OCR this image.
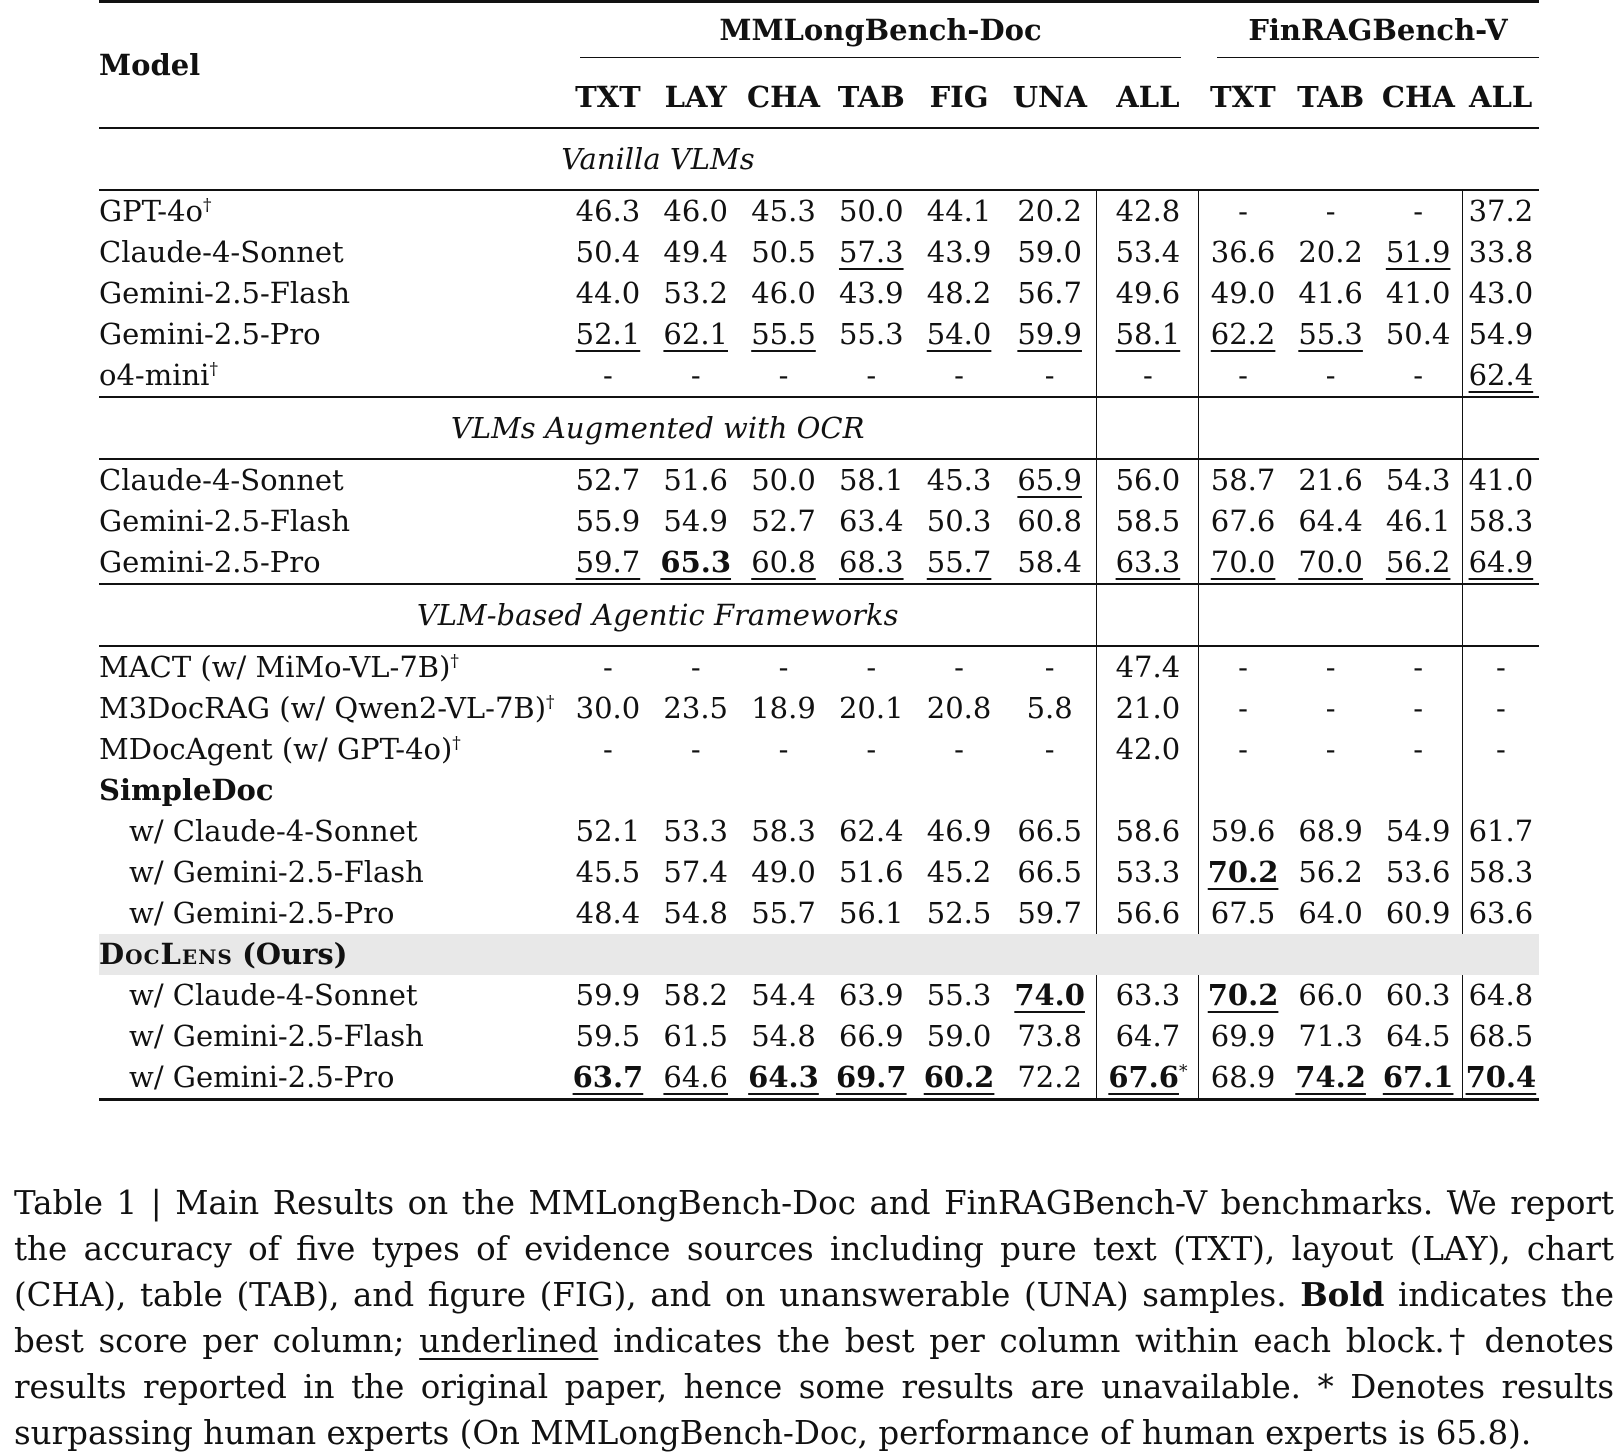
Model	MMLongBench-Doc							FinRAGBench-V			

	TXT	LAY	CHA	TAB	FIG	UNA	ALL	TXT	TAB	CHA	ALL
Vanilla VLMs											
GPT-4o†	46.3	46.0	45.3	50.0	44.1	20.2	42.8	-	-	-	37.2
Claude-4-Sonnet	50.4	49.4	50.5	57.3	43.9	59.0	53.4	36.6	20.2	51.9	33.8
Gemini-2.5-Flash	44.0	53.2	46.0	43.9	48.2	56.7	49.6	49.0	41.6	41.0	43.0
Gemini-2.5-Pro	52.1	62.1	55.5	55.3	54.0	59.9	58.1	62.2	55.3	50.4	54.9
o4-mini†	-	-	-	-	-	-	-	-	-	-	62.4
VLMs Augmented with OCR											
Claude-4-Sonnet	52.7	51.6	50.0	58.1	45.3	65.9	56.0	58.7	21.6	54.3	41.0
Gemini-2.5-Flash	55.9	54.9	52.7	63.4	50.3	60.8	58.5	67.6	64.4	46.1	58.3
Gemini-2.5-Pro	59.7	65.3	60.8	68.3	55.7	58.4	63.3	70.0	70.0	56.2	64.9
VLM-based Agentic Frameworks											
MACT (w/ MiMo-VL-7B)†	-	-	-	-	-	-	47.4	-	-	-	-
M3DocRAG (w/ Qwen2-VL-7B)†	30.0	23.5	18.9	20.1	20.8	5.8	21.0	-	-	-	-
MDocAgent (w/ GPT-4o)†	-	-	-	-	-	-	42.0	-	-	-	-
SimpleDoc											
w/ Claude-4-Sonnet	52.1	53.3	58.3	62.4	46.9	66.5	58.6	59.6	68.9	54.9	61.7
w/ Gemini-2.5-Flash	45.5	57.4	49.0	51.6	45.2	66.5	53.3	70.2	56.2	53.6	58.3
w/ Gemini-2.5-Pro	48.4	54.8	55.7	56.1	52.5	59.7	56.6	67.5	64.0	60.9	63.6
DocLens (Ours)											
w/ Claude-4-Sonnet	59.9	58.2	54.4	63.9	55.3	74.0	63.3	70.2	66.0	60.3	64.8
w/ Gemini-2.5-Flash	59.5	61.5	54.8	66.9	59.0	73.8	64.7	69.9	71.3	64.5	68.5
w/ Gemini-2.5-Pro	63.7	64.6	64.3	69.7	60.2	72.2	67.6*	68.9	74.2	67.1	70.4
Table 1 | Main Results on the MMLongBench-Doc and FinRAGBench-V benchmarks. We report the accuracy of five types of evidence sources including pure text (TXT), layout (LAY), chart (CHA), table (TAB), and figure (FIG), and on unanswerable (UNA) samples. Bold indicates the best score per column; underlined indicates the best per column within each block.† denotes results reported in the original paper, hence some results are unavailable. * Denotes results surpassing human experts (On MMLongBench-Doc, performance of human experts is 65.8).
